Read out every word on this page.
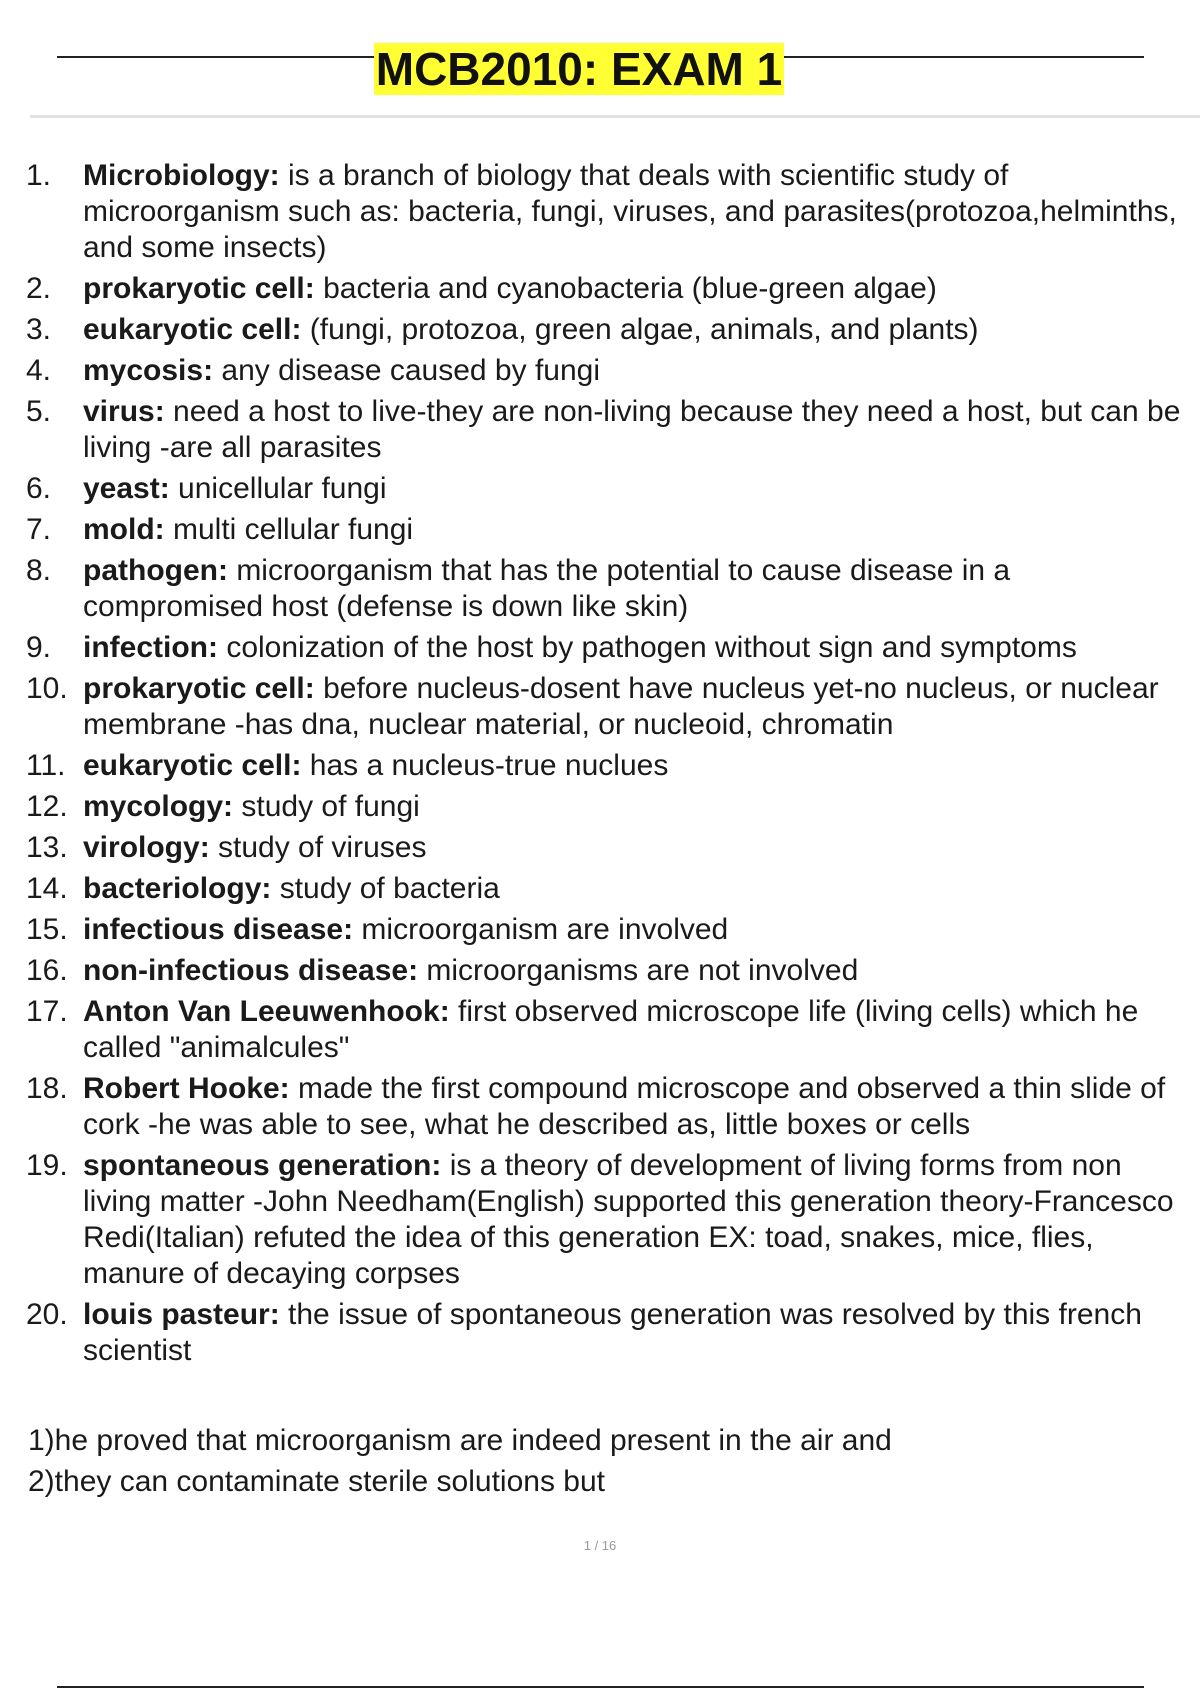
MCB2010: EXAM 1
1. Microbiology: is a branch of biology that deals with scientific study of microorganism such as: bacteria, fungi, viruses, and parasites(protozoa,helminths, and some insects)
2. prokaryotic cell: bacteria and cyanobacteria (blue-green algae)
3. eukaryotic cell: (fungi, protozoa, green algae, animals, and plants)
4. mycosis: any disease caused by fungi
5. virus: need a host to live-they are non-living because they need a host, but can be living -are all parasites
6. yeast: unicellular fungi
7. mold: multi cellular fungi
8. pathogen: microorganism that has the potential to cause disease in a compromised host (defense is down like skin)
9. infection: colonization of the host by pathogen without sign and symptoms
10. prokaryotic cell: before nucleus-dosent have nucleus yet-no nucleus, or nuclear membrane -has dna, nuclear material, or nucleoid, chromatin
11. eukaryotic cell: has a nucleus-true nuclues
12. mycology: study of fungi
13. virology: study of viruses
14. bacteriology: study of bacteria
15. infectious disease: microorganism are involved
16. non-infectious disease: microorganisms are not involved
17. Anton Van Leeuwenhook: first observed microscope life (living cells) which he called "animalcules"
18. Robert Hooke: made the first compound microscope and observed a thin slide of cork -he was able to see, what he described as, little boxes or cells
19. spontaneous generation: is a theory of development of living forms from non living matter -John Needham(English) supported this generation theory-Francesco Redi(Italian) refuted the idea of this generation EX: toad, snakes, mice, flies, manure of decaying corpses
20. louis pasteur: the issue of spontaneous generation was resolved by this french scientist

1)he proved that microorganism are indeed present in the air and

2)they can contaminate sterile solutions but

1 / 16
